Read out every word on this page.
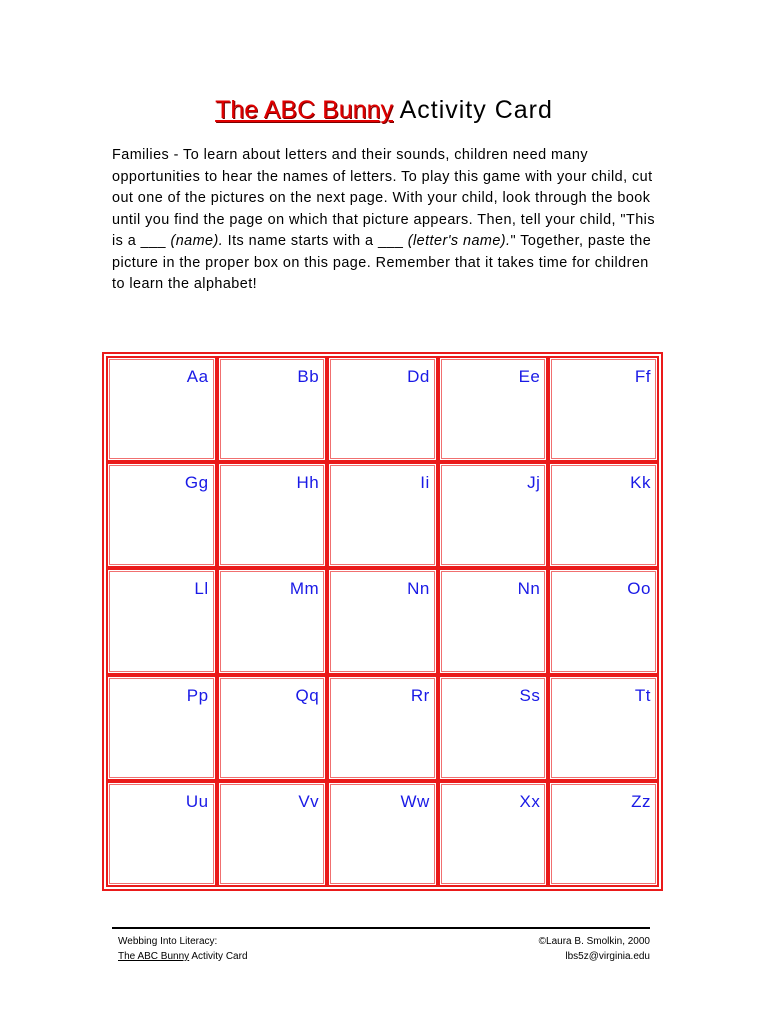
The ABC Bunny Activity Card
Families - To learn about letters and their sounds, children need many opportunities to hear the names of letters. To play this game with your child, cut out one of the pictures on the next page. With your child, look through the book until you find the page on which that picture appears. Then, tell your child, "This is a ___ (name). Its name starts with a ___ (letter's name)." Together, paste the picture in the proper box on this page. Remember that it takes time for children to learn the alphabet!
Aa	Bb	Dd	Ee	Ff
Gg	Hh	Ii	Jj	Kk
Ll	Mm	Nn	Nn	Oo
Pp	Qq	Rr	Ss	Tt
Uu	Vv	Ww	Xx	Zz
Webbing Into Literacy:
The ABC Bunny Activity Card
©Laura B. Smolkin, 2000
lbs5z@virginia.edu
